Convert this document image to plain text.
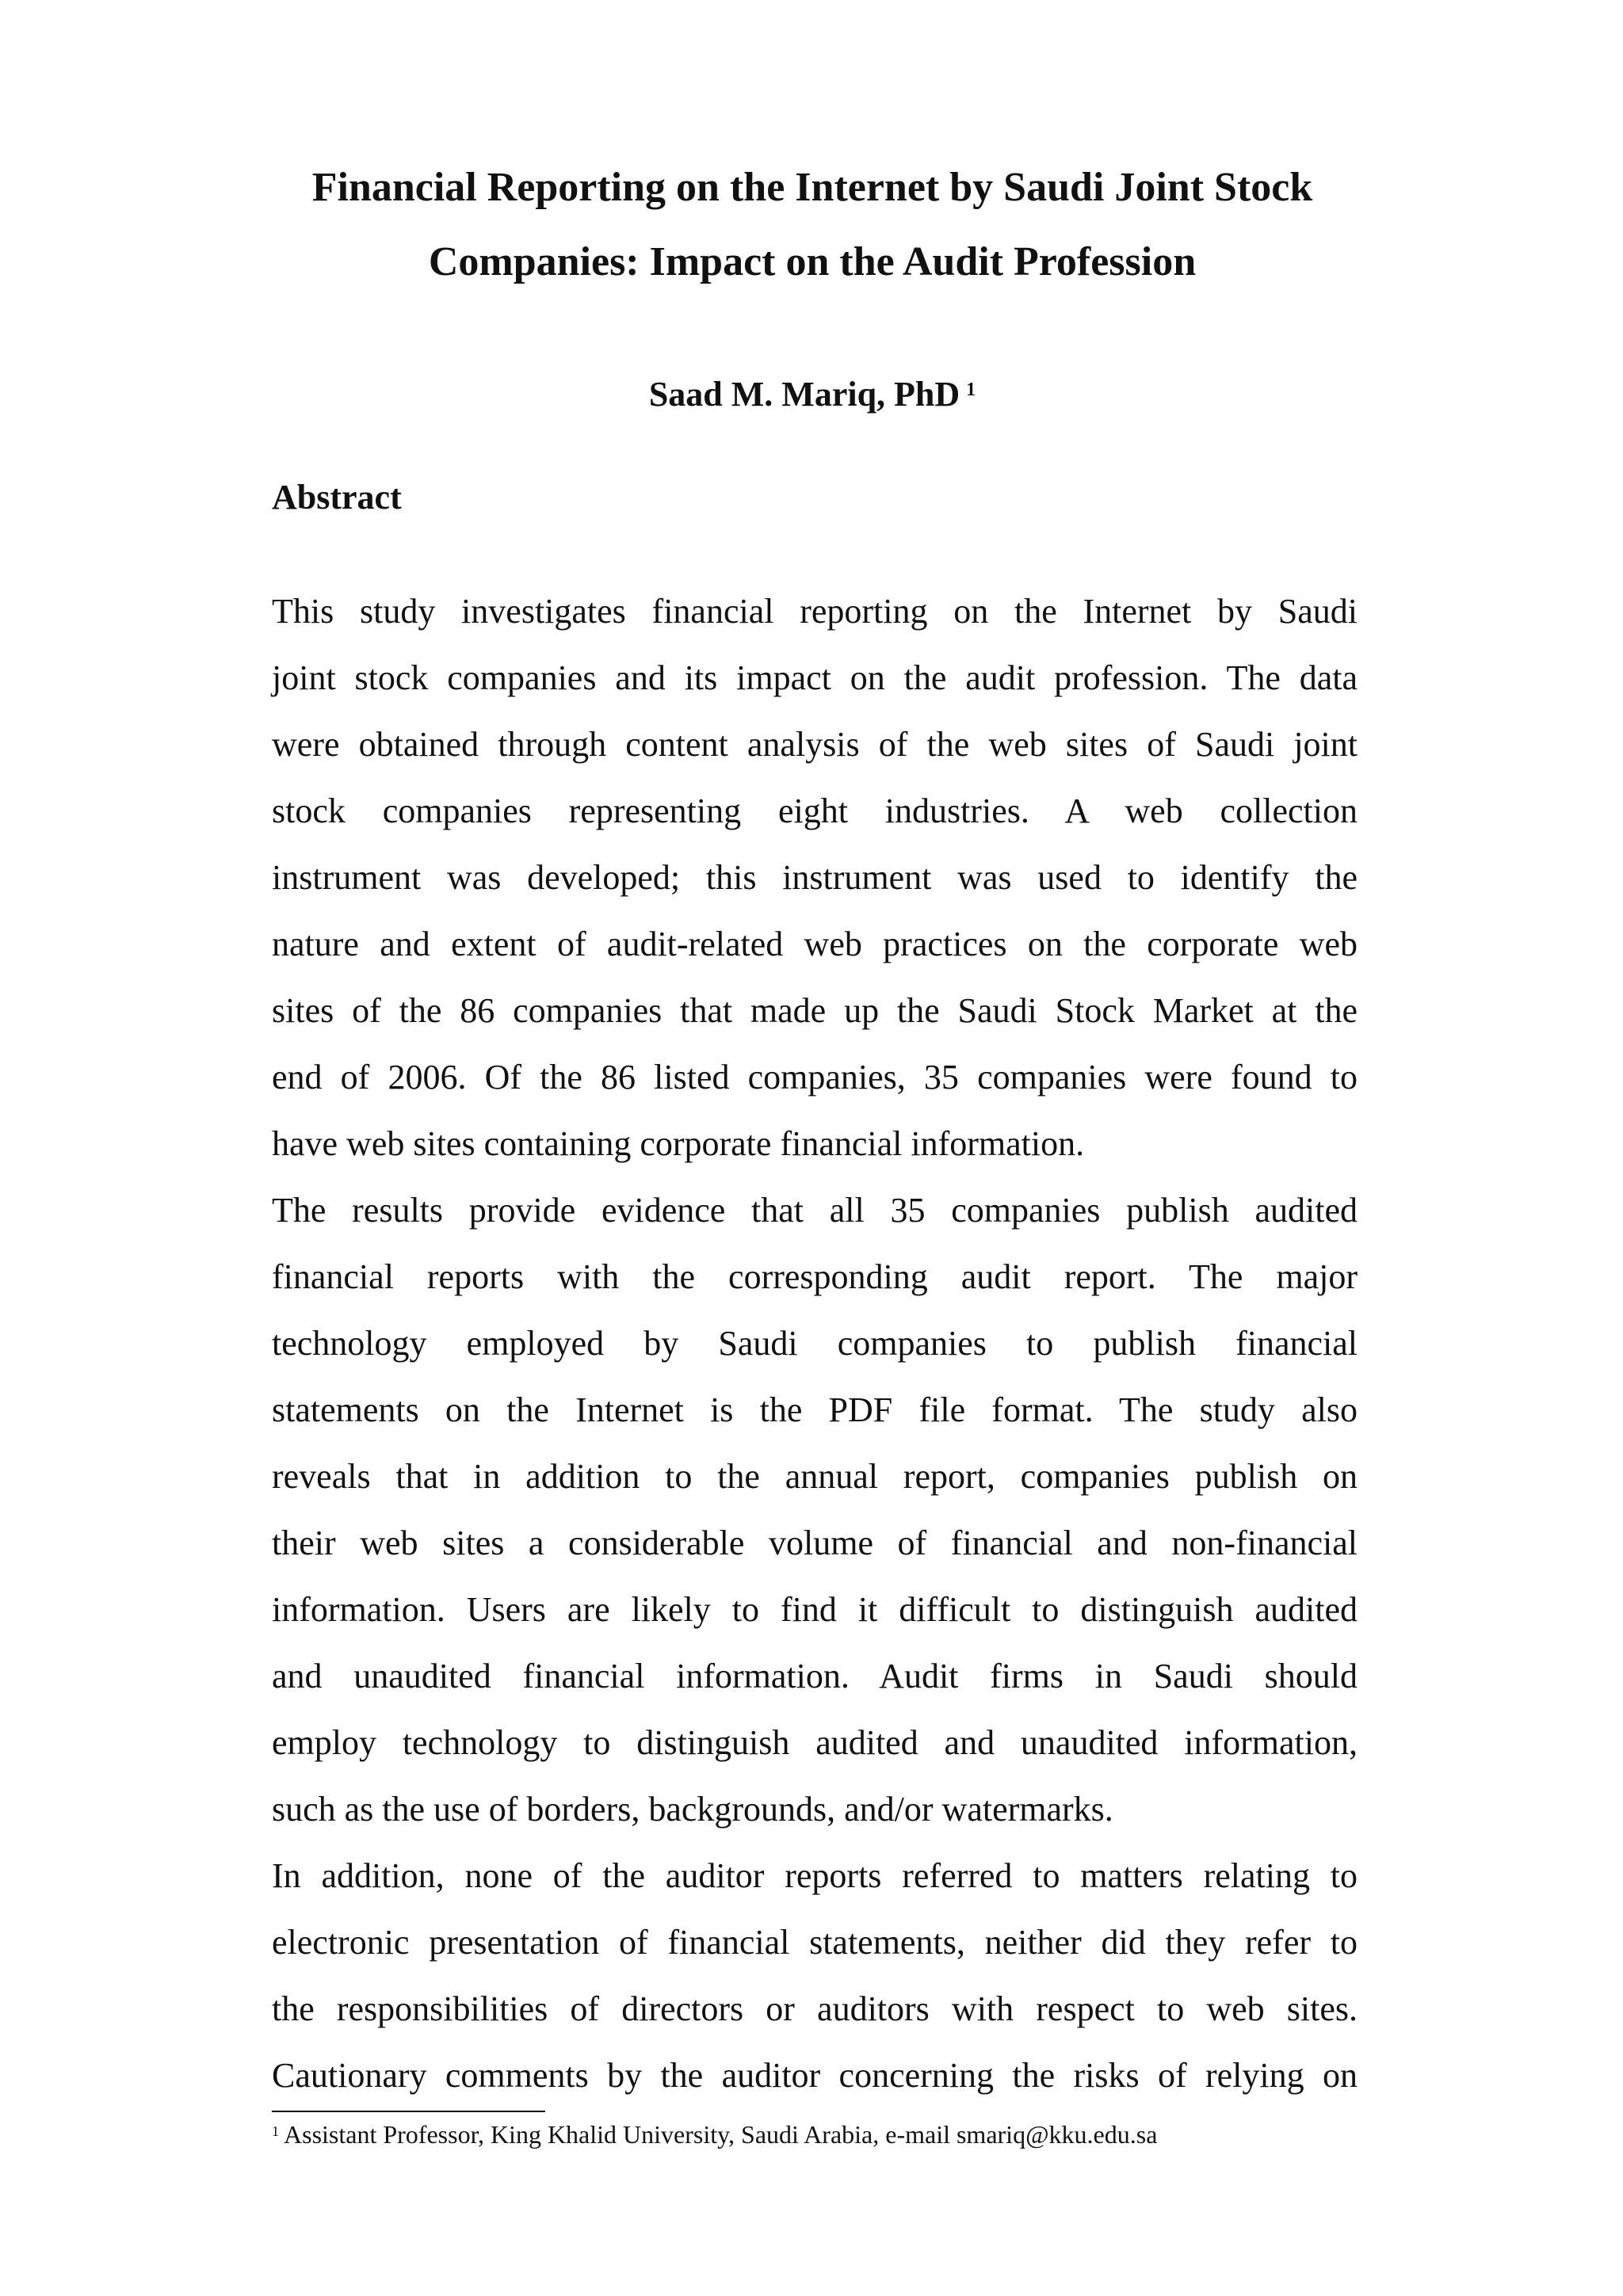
Financial Reporting on the Internet by Saudi Joint Stock
Companies: Impact on the Audit Profession
Saad M. Mariq, PhD $^1$
Abstract
This study investigates financial reporting on the Internet by Saudi
joint stock companies and its impact on the audit profession. The data
were obtained through content analysis of the web sites of Saudi joint
stock companies representing eight industries. A web collection
instrument was developed; this instrument was used to identify the
nature and extent of audit-related web practices on the corporate web
sites of the 86 companies that made up the Saudi Stock Market at the
end of 2006. Of the 86 listed companies, 35 companies were found to
have web sites containing corporate financial information.
The results provide evidence that all 35 companies publish audited
financial reports with the corresponding audit report. The major
technology employed by Saudi companies to publish financial
statements on the Internet is the PDF file format. The study also
reveals that in addition to the annual report, companies publish on
their web sites a considerable volume of financial and non-financial
information. Users are likely to find it difficult to distinguish audited
and unaudited financial information. Audit firms in Saudi should
employ technology to distinguish audited and unaudited information,
such as the use of borders, backgrounds, and/or watermarks.
In addition, none of the auditor reports referred to matters relating to
electronic presentation of financial statements, neither did they refer to
the responsibilities of directors or auditors with respect to web sites.
Cautionary comments by the auditor concerning the risks of relying on
$^1$ Assistant Professor, King Khalid University, Saudi Arabia, e-mail smariq@kku.edu.sa
